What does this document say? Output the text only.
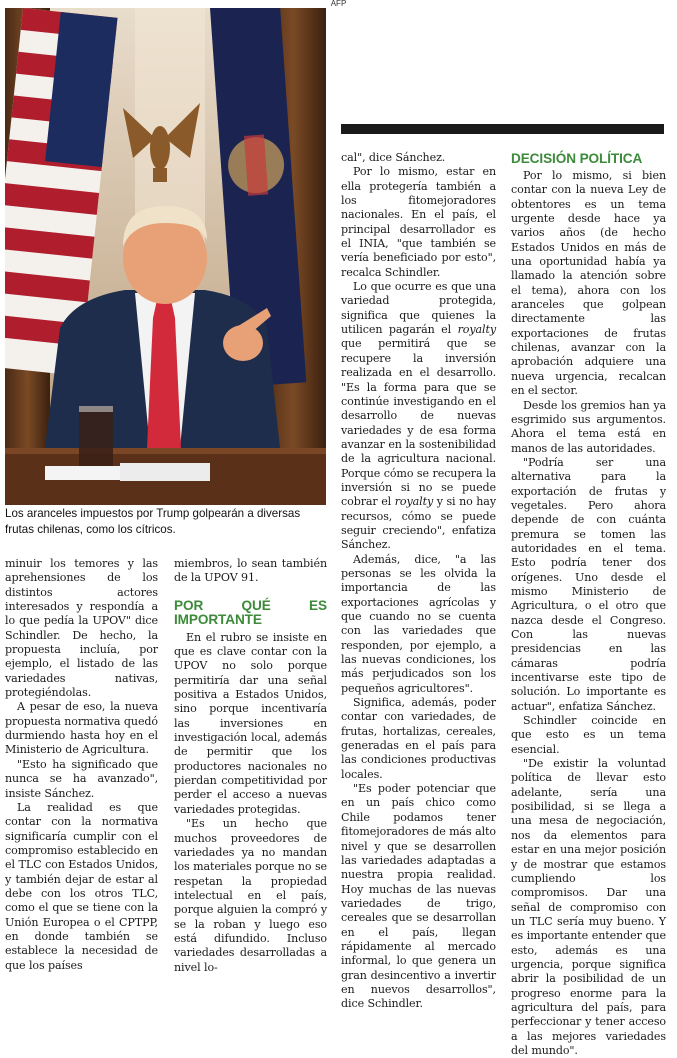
AFP
Los aranceles impuestos por Trump golpearán a diversas frutas chilenas, como los cítricos.

minuir los temores y las aprehensiones de los distintos actores interesados y respondía a lo que pedía la UPOV" dice Schindler. De hecho, la propuesta incluía, por ejemplo, el listado de las variedades nativas, protegiéndolas.

A pesar de eso, la nueva propuesta normativa quedó durmiendo hasta hoy en el Ministerio de Agricultura.

"Esto ha significado que nunca se ha avanzado", insiste Sánchez.

La realidad es que contar con la normativa significaría cumplir con el compromiso establecido en el TLC con Estados Unidos, y también dejar de estar al debe con los otros TLC, como el que se tiene con la Unión Europea o el CPTPP, en donde también se establece la necesidad de que los países

miembros, lo sean también de la UPOV 91.

POR QUÉ ES IMPORTANTE

En el rubro se insiste en que es clave contar con la UPOV no solo porque permitiría dar una señal positiva a Estados Unidos, sino porque incentivaría las inversiones en investigación local, además de permitir que los productores nacionales no pierdan competitividad por perder el acceso a nuevas variedades protegidas.

"Es un hecho que muchos proveedores de variedades ya no mandan los materiales porque no se respetan la propiedad intelectual en el país, porque alguien la compró y se la roban y luego eso está difundido. Incluso variedades desarrolladas a nivel lo-

cal", dice Sánchez.

Por lo mismo, estar en ella protegería también a los fitomejoradores nacionales. En el país, el principal desarrollador es el INIA, "que también se vería beneficiado por esto", recalca Schindler.

Lo que ocurre es que una variedad protegida, significa que quienes la utilicen pagarán el royalty que permitirá que se recupere la inversión realizada en el desarrollo. "Es la forma para que se continúe investigando en el desarrollo de nuevas variedades y de esa forma avanzar en la sostenibilidad de la agricultura nacional. Porque cómo se recupera la inversión si no se puede cobrar el royalty y si no hay recursos, cómo se puede seguir creciendo", enfatiza Sánchez.

Además, dice, "a las personas se les olvida la importancia de las exportaciones agrícolas y que cuando no se cuenta con las variedades que responden, por ejemplo, a las nuevas condiciones, los más perjudicados son los pequeños agricultores".

Significa, además, poder contar con variedades, de frutas, hortalizas, cereales, generadas en el país para las condiciones productivas locales.

"Es poder potenciar que en un país chico como Chile podamos tener fitomejoradores de más alto nivel y que se desarrollen las variedades adaptadas a nuestra propia realidad. Hoy muchas de las nuevas variedades de trigo, cereales que se desarrollan en el país, llegan rápidamente al mercado informal, lo que genera un gran desincentivo a invertir en nuevos desarrollos", dice Schindler.

DECISIÓN POLÍTICA

Por lo mismo, si bien contar con la nueva Ley de obtentores es un tema urgente desde hace ya varios años (de hecho Estados Unidos en más de una oportunidad había ya llamado la atención sobre el tema), ahora con los aranceles que golpean directamente las exportaciones de frutas chilenas, avanzar con la aprobación adquiere una nueva urgencia, recalcan en el sector.

Desde los gremios han ya esgrimido sus argumentos. Ahora el tema está en manos de las autoridades.

"Podría ser una alternativa para la exportación de frutas y vegetales. Pero ahora depende de con cuánta premura se tomen las autoridades en el tema. Esto podría tener dos orígenes. Uno desde el mismo Ministerio de Agricultura, o el otro que nazca desde el Congreso. Con las nuevas presidencias en las cámaras podría incentivarse este tipo de solución. Lo importante es actuar", enfatiza Sánchez.

Schindler coincide en que esto es un tema esencial.

"De existir la voluntad política de llevar esto adelante, sería una posibilidad, si se llega a una mesa de negociación, nos da elementos para estar en una mejor posición y de mostrar que estamos cumpliendo los compromisos. Dar una señal de compromiso con un TLC sería muy bueno. Y es importante entender que esto, además es una urgencia, porque significa abrir la posibilidad de un progreso enorme para la agricultura del país, para perfeccionar y tener acceso a las mejores variedades del mundo".
